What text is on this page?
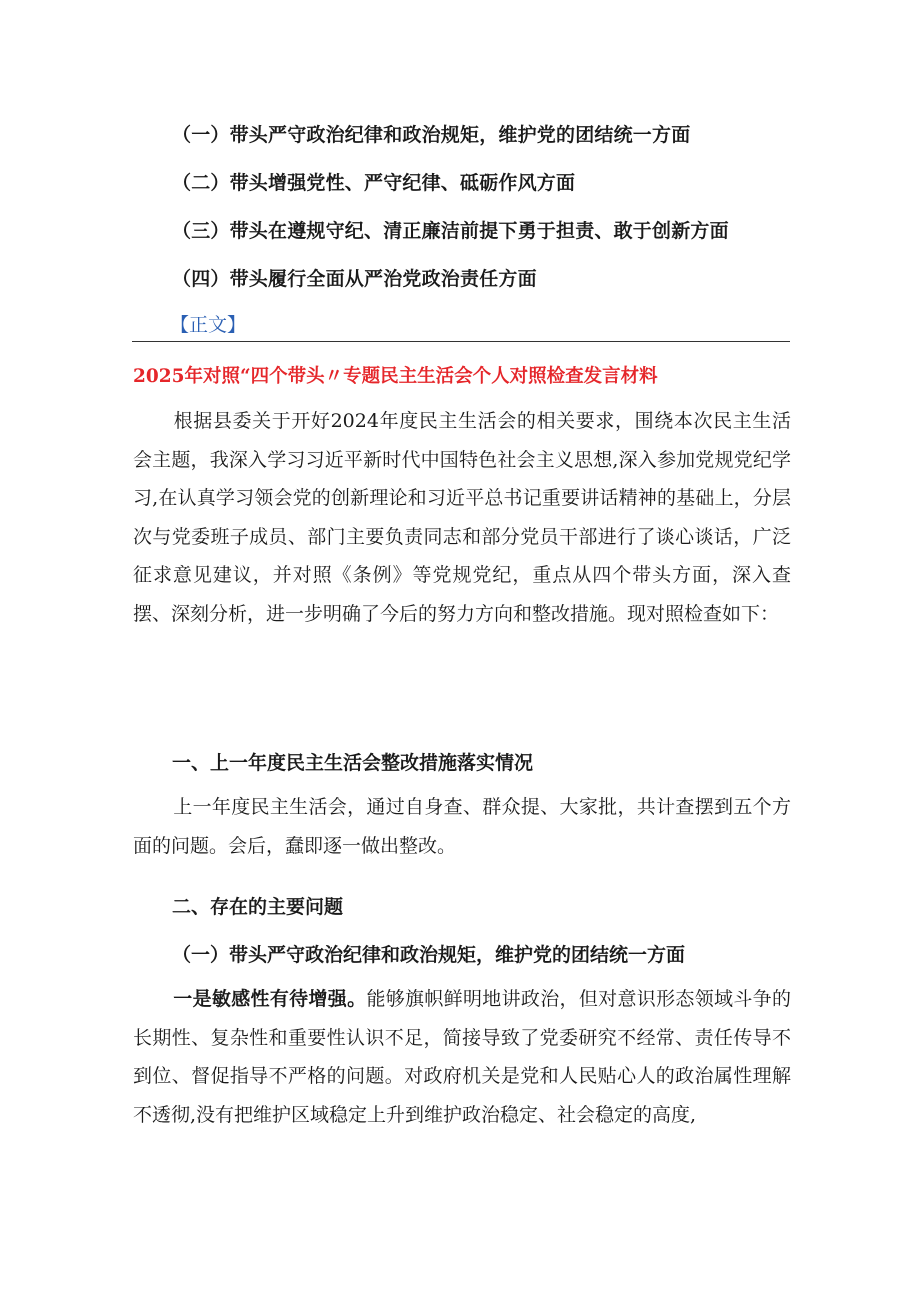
（一）带头严守政治纪律和政治规矩，维护党的团结统一方面
（二）带头增强党性、严守纪律、砥砺作风方面
（三）带头在遵规守纪、清正廉洁前提下勇于担责、敢于创新方面
（四）带头履行全面从严治党政治责任方面
【正文】
2025年对照“四个带头〃专题民主生活会个人对照检查发言材料
根据县委关于开好2024年度民主生活会的相关要求，围绕本次民主生活会主题，我深入学习习近平新时代中国特色社会主义思想,深入参加党规党纪学习,在认真学习领会党的创新理论和习近平总书记重要讲话精神的基础上，分层次与党委班子成员、部门主要负责同志和部分党员干部进行了谈心谈话，广泛征求意见建议，并对照《条例》等党规党纪，重点从四个带头方面，深入查摆、深刻分析，进一步明确了今后的努力方向和整改措施。现对照检查如下：
一、上一年度民主生活会整改措施落实情况
上一年度民主生活会，通过自身查、群众提、大家批，共计查摆到五个方面的问题。会后，蠢即逐一做出整改。
二、存在的主要问题
（一）带头严守政治纪律和政治规矩，维护党的团结统一方面
一是敏感性有待增强。能够旗帜鲜明地讲政治，但对意识形态领域斗争的长期性、复杂性和重要性认识不足，简接导致了党委研究不经常、责任传导不到位、督促指导不严格的问题。对政府机关是党和人民贴心人的政治属性理解不透彻,没有把维护区域稳定上升到维护政治稳定、社会稳定的高度,
